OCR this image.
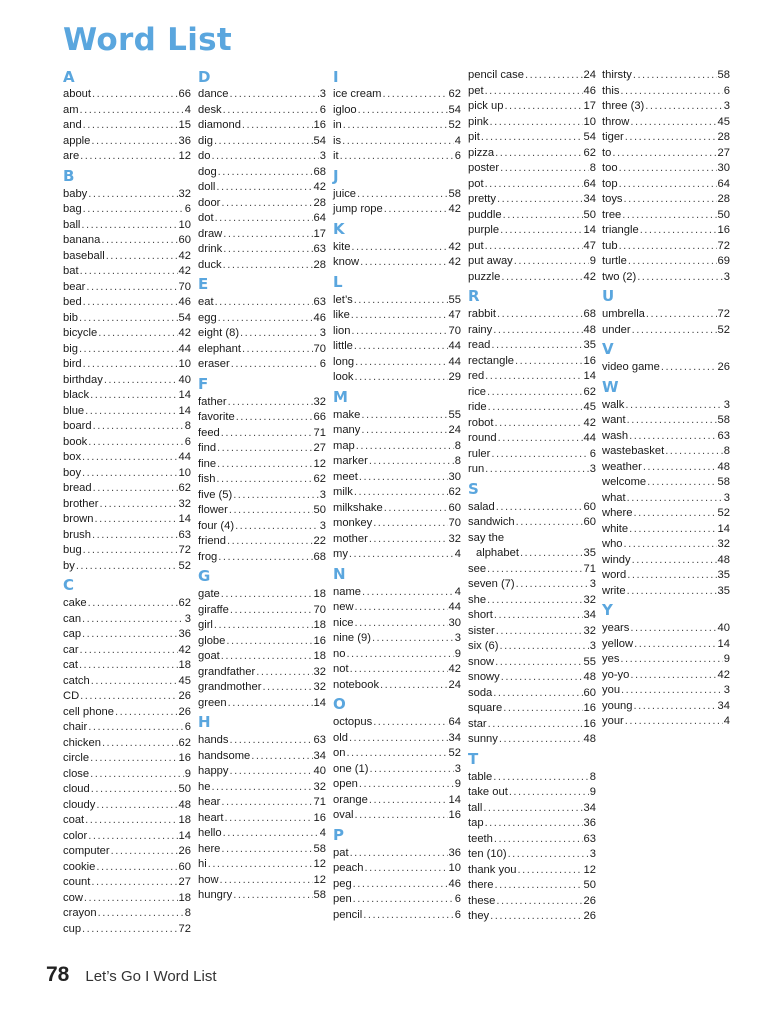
Word List
A
about .....	66
am .....	4
and .....	15
apple .....	36
are .....	12
B
baby .....	32
bag .....	6
ball .....	10
banana .....	60
baseball .....	42
bat .....	42
bear .....	70
bed .....	46
bib .....	54
bicycle .....	42
big .....	44
bird .....	10
birthday .....	40
black .....	14
blue .....	14
board .....	8
book .....	6
box .....	44
boy .....	10
bread .....	62
brother .....	32
brown .....	14
brush .....	63
bug .....	72
by .....	52
C
cake .....	62
can .....	3
cap .....	36
car .....	42
cat .....	18
catch .....	45
CD .....	26
cell phone .....	26
chair .....	6
chicken .....	62
circle .....	16
close .....	9
cloud .....	50
cloudy .....	48
coat .....	18
color .....	14
computer .....	26
cookie .....	60
count .....	27
cow .....	18
crayon .....	8
cup .....	72
D
dance .....	3
desk .....	6
diamond .....	16
dig .....	54
do .....	3
dog .....	68
doll .....	42
door .....	28
dot .....	64
draw .....	17
drink .....	63
duck .....	28
E
eat .....	63
egg .....	46
eight (8) .....	3
elephant .....	70
eraser .....	6
F
father .....	32
favorite .....	66
feed .....	71
find .....	27
fine .....	12
fish .....	62
five (5) .....	3
flower .....	50
four (4) .....	3
friend .....	22
frog .....	68
G
gate .....	18
giraffe .....	70
girl .....	18
globe .....	16
goat .....	18
grandfather .....	32
grandmother .....	32
green .....	14
H
hands .....	63
handsome .....	34
happy .....	40
he .....	32
hear .....	71
heart .....	16
hello .....	4
here .....	58
hi .....	12
how .....	12
hungry .....	58
I
ice cream .....	62
igloo .....	54
in .....	52
is .....	4
it .....	6
J
juice .....	58
jump rope .....	42
K
kite .....	42
know .....	42
L
let’s .....	55
like .....	47
lion .....	70
little .....	44
long .....	44
look .....	29
M
make .....	55
many .....	24
map .....	8
marker .....	8
meet .....	30
milk .....	62
milkshake .....	60
monkey .....	70
mother .....	32
my .....	4
N
name .....	4
new .....	44
nice .....	30
nine (9) .....	3
no .....	9
not .....	42
notebook .....	24
O
octopus .....	64
old .....	34
on .....	52
one (1) .....	3
open .....	9
orange .....	14
oval .....	16
P
pat .....	36
peach .....	10
peg .....	46
pen .....	6
pencil .....	6
pencil case .....	24
pet .....	46
pick up .....	17
pink .....	10
pit .....	54
pizza .....	62
poster .....	8
pot .....	64
pretty .....	34
puddle .....	50
purple .....	14
put .....	47
put away .....	9
puzzle .....	42
R
rabbit .....	68
rainy .....	48
read .....	35
rectangle .....	16
red .....	14
rice .....	62
ride .....	45
robot .....	42
round .....	44
ruler .....	6
run .....	3
S
salad .....	60
sandwich .....	60
say the
alphabet .....	35
see .....	71
seven (7) .....	3
she .....	32
short .....	34
sister .....	32
six (6) .....	3
snow .....	55
snowy .....	48
soda .....	60
square .....	16
star .....	16
sunny .....	48
T
table .....	8
take out .....	9
tall .....	34
tap .....	36
teeth .....	63
ten (10) .....	3
thank you .....	12
there .....	50
these .....	26
they .....	26
thirsty .....	58
this .....	6
three (3) .....	3
throw .....	45
tiger .....	28
to .....	27
too .....	30
top .....	64
toys .....	28
tree .....	50
triangle .....	16
tub .....	72
turtle .....	69
two (2) .....	3
U
umbrella .....	72
under .....	52
V
video game .....	26
W
walk .....	3
want .....	58
wash .....	63
wastebasket .....	8
weather .....	48
welcome .....	58
what .....	3
where .....	52
white .....	14
who .....	32
windy .....	48
word .....	35
write .....	35
Y
years .....	40
yellow .....	14
yes .....	9
yo-yo .....	42
you .....	3
young .....	34
your .....	4
78 Let’s Go I Word List
